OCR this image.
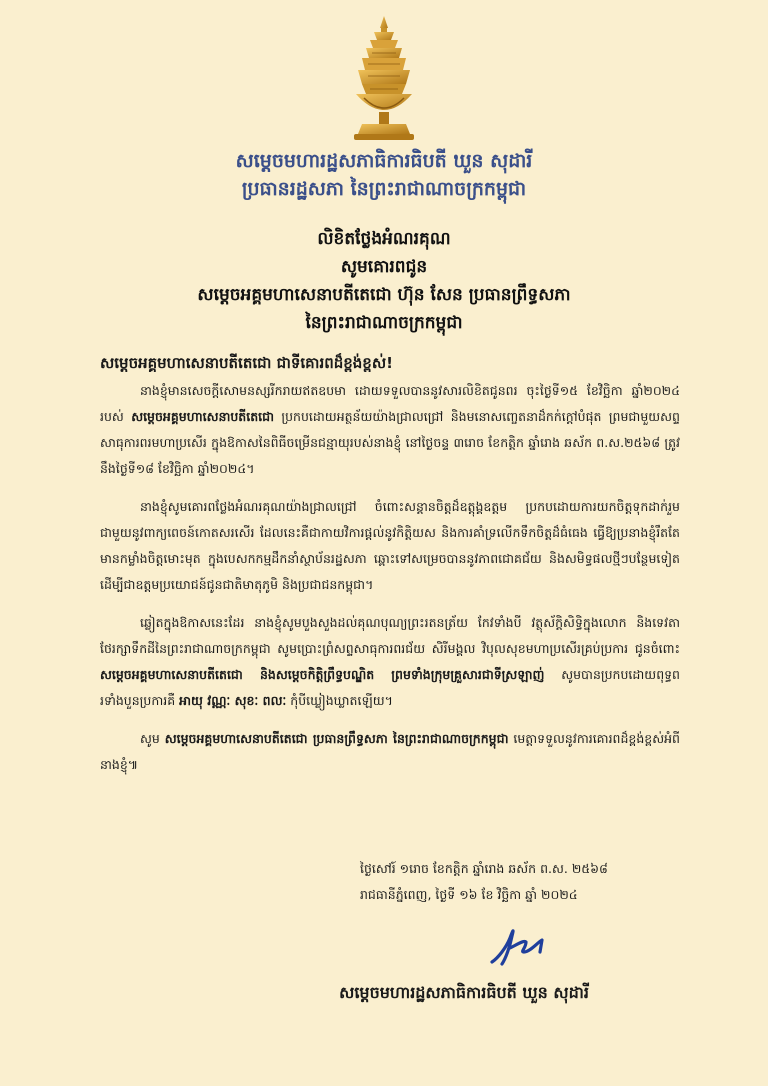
សម្ដេចមហារដ្ឋសភាធិការធិបតី ឃួន សុដារី
ប្រធានរដ្ឋសភា នៃព្រះរាជាណាចក្រកម្ពុជា
លិខិតថ្លែងអំណរគុណ
សូមគោរពជូន
សម្ដេចអគ្គមហាសេនាបតីតេជោ ហ៊ុន សែន ប្រធានព្រឹទ្ធសភា
នៃព្រះរាជាណាចក្រកម្ពុជា
សម្ដេចអគ្គមហាសេនាបតីតេជោ ជាទីគោរពដ៏ខ្ពង់ខ្ពស់!

នាងខ្ញុំមានសេចក្ដីសោមនស្សរីករាយឥតឧបមា ដោយទទួលបាននូវសារលិខិតជូនពរ ចុះថ្ងៃទី១៥ ខែវិច្ឆិកា ឆ្នាំ២០២៤ របស់ សម្ដេចអគ្គមហាសេនាបតីតេជោ ប្រកបដោយអត្ថន័យយ៉ាងជ្រាលជ្រៅ និងមនោសញ្ចេតនាដ៏កក់ក្ដៅបំផុត ព្រមជាមួយសព្ទសាធុការពរមហាប្រសើរ ក្នុងឱកាសនៃពិធីចម្រើនជន្មាយុរបស់នាងខ្ញុំ នៅថ្ងៃចន្ទ ៣រោច ខែកត្តិក ឆ្នាំរោង ឆស័ក ព.ស.២៥៦៨ ត្រូវនឹងថ្ងៃទី១៨ ខែវិច្ឆិកា ឆ្នាំ២០២៤។

នាងខ្ញុំសូមគោរពថ្លែងអំណរគុណយ៉ាងជ្រាលជ្រៅ ចំពោះសន្ដានចិត្តដ៏ឧត្ដុង្គឧត្ដម ប្រកបដោយការយកចិត្តទុកដាក់រួមជាមួយនូវពាក្យពេចន៍កោតសរសើរ ដែលនេះគឺជាកាយវិការផ្ដល់នូវកិត្តិយស និងការគាំទ្រលើកទឹកចិត្តដ៏ធំធេង ធ្វើឱ្យប្រនាងខ្ញុំរឹតតែមានកម្លាំងចិត្តមោះមុត ក្នុងបេសកកម្មដឹកនាំស្ថាប័នរដ្ឋសភា ឆ្ពោះទៅសម្រេចបាននូវភាពជោគជ័យ និងសមិទ្ធផលថ្មីៗបន្ថែមទៀត ដើម្បីជាឧត្ដមប្រយោជន៍ជូនជាតិមាតុភូមិ និងប្រជាជនកម្ពុជា។

ឆ្លៀតក្នុងឱកាសនេះដែរ នាងខ្ញុំសូមបួងសួងដល់គុណបុណ្យព្រះរតនត្រ័យ កែវទាំងបី វត្ថុស័ក្ដិសិទ្ធិក្នុងលោក និងទេវតាថែរក្សាទឹកដីនៃព្រះរាជាណាចក្រកម្ពុជា សូមប្រោះព្រំសព្ទសាធុការពរជ័យ សិរីមង្គល វិបុលសុខមហាប្រសើរគ្រប់ប្រការ ជូនចំពោះ សម្ដេចអគ្គមហាសេនាបតីតេជោ និងសម្ដេចកិត្តិព្រឹទ្ធបណ្ឌិត ព្រមទាំងក្រុមគ្រួសារជាទីស្រឡាញ់ សូមបានប្រកបដោយពុទ្ធពរទាំងបួនប្រការគឺ អាយុ វណ្ណៈ សុខៈ ពលៈ កុំបីឃ្លៀងឃ្លាតឡើយ។

សូម សម្ដេចអគ្គមហាសេនាបតីតេជោ ប្រធានព្រឹទ្ធសភា នៃព្រះរាជាណាចក្រកម្ពុជា មេត្តាទទួលនូវការគោរពដ៏ខ្ពង់ខ្ពស់អំពីនាងខ្ញុំ៕

ថ្ងៃសៅរ៍ ១រោច ខែកត្តិក ឆ្នាំរោង ឆស័ក ព.ស. ២៥៦៨
រាជធានីភ្នំពេញ, ថ្ងៃទី ១៦ ខែ វិច្ឆិកា ឆ្នាំ ២០២៤
សម្ដេចមហារដ្ឋសភាធិការធិបតី ឃួន សុដារី
